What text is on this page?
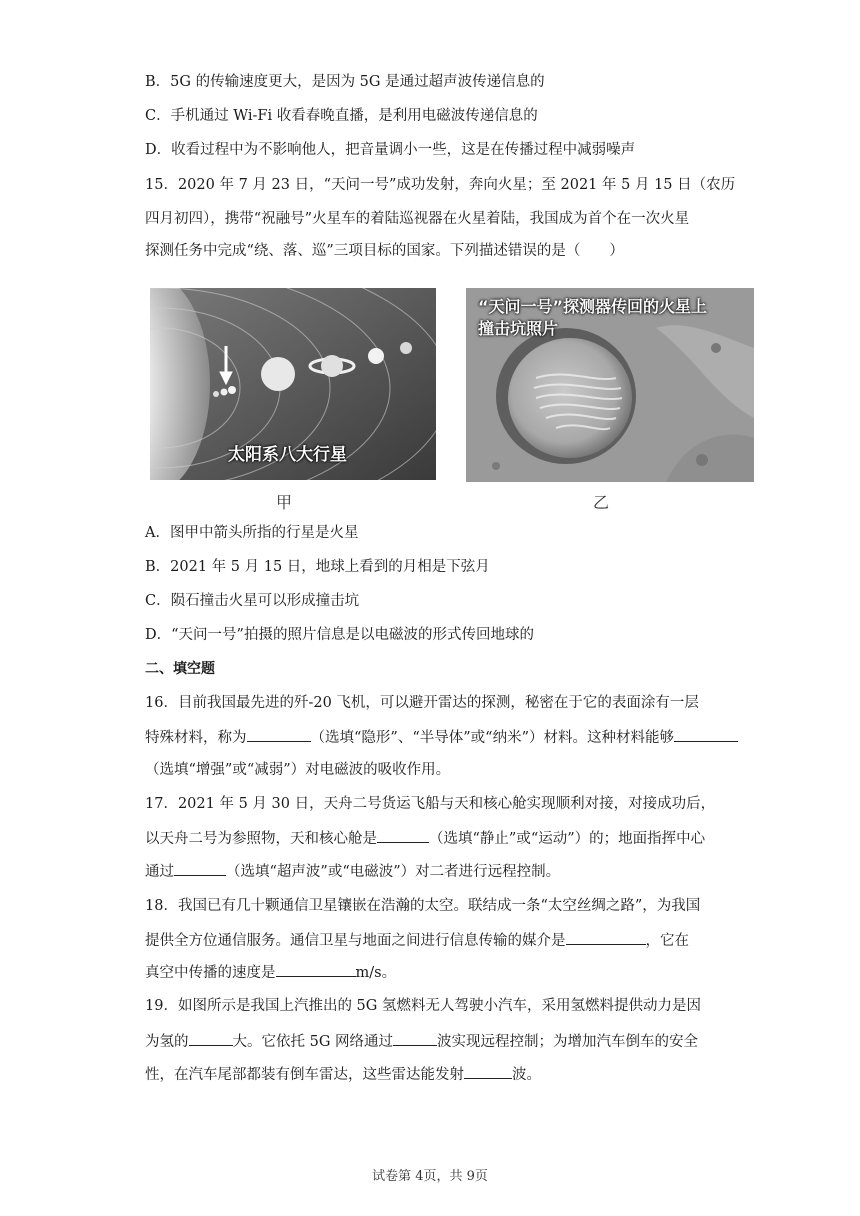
B．5G 的传输速度更大，是因为 5G 是通过超声波传递信息的
C．手机通过 Wi-Fi 收看春晚直播，是利用电磁波传递信息的
D．收看过程中为不影响他人，把音量调小一些，这是在传播过程中减弱噪声
15．2020 年 7 月 23 日，“天问一号”成功发射，奔向火星；至 2021 年 5 月 15 日（农历
四月初四），携带“祝融号”火星车的着陆巡视器在火星着陆，我国成为首个在一次火星
探测任务中完成“绕、落、巡”三项目标的国家。下列描述错误的是（　　）
太阳系八大行星
甲
“天问一号”探测器传回的火星上
撞击坑照片
乙
A．图甲中箭头所指的行星是火星
B．2021 年 5 月 15 日，地球上看到的月相是下弦月
C．陨石撞击火星可以形成撞击坑
D．“天问一号”拍摄的照片信息是以电磁波的形式传回地球的
二、填空题
16．目前我国最先进的歼-20 飞机，可以避开雷达的探测，秘密在于它的表面涂有一层
特殊材料，称为	（选填“隐形”、“半导体”或“纳米”）材料。这种材料能够
（选填“增强”或“减弱”）对电磁波的吸收作用。
17．2021 年 5 月 30 日，天舟二号货运飞船与天和核心舱实现顺利对接，对接成功后，
以天舟二号为参照物，天和核心舱是	（选填“静止”或“运动”）的；地面指挥中心
通过	（选填“超声波”或“电磁波”）对二者进行远程控制。
18．我国已有几十颗通信卫星镶嵌在浩瀚的太空。联结成一条“太空丝绸之路”，为我国
提供全方位通信服务。通信卫星与地面之间进行信息传输的媒介是	，它在
真空中传播的速度是	m/s。
19．如图所示是我国上汽推出的 5G 氢燃料无人驾驶小汽车，采用氢燃料提供动力是因
为氢的	大。它依托 5G 网络通过	波实现远程控制；为增加汽车倒车的安全
性，在汽车尾部都装有倒车雷达，这些雷达能发射	波。
试卷第 4页，共 9页
